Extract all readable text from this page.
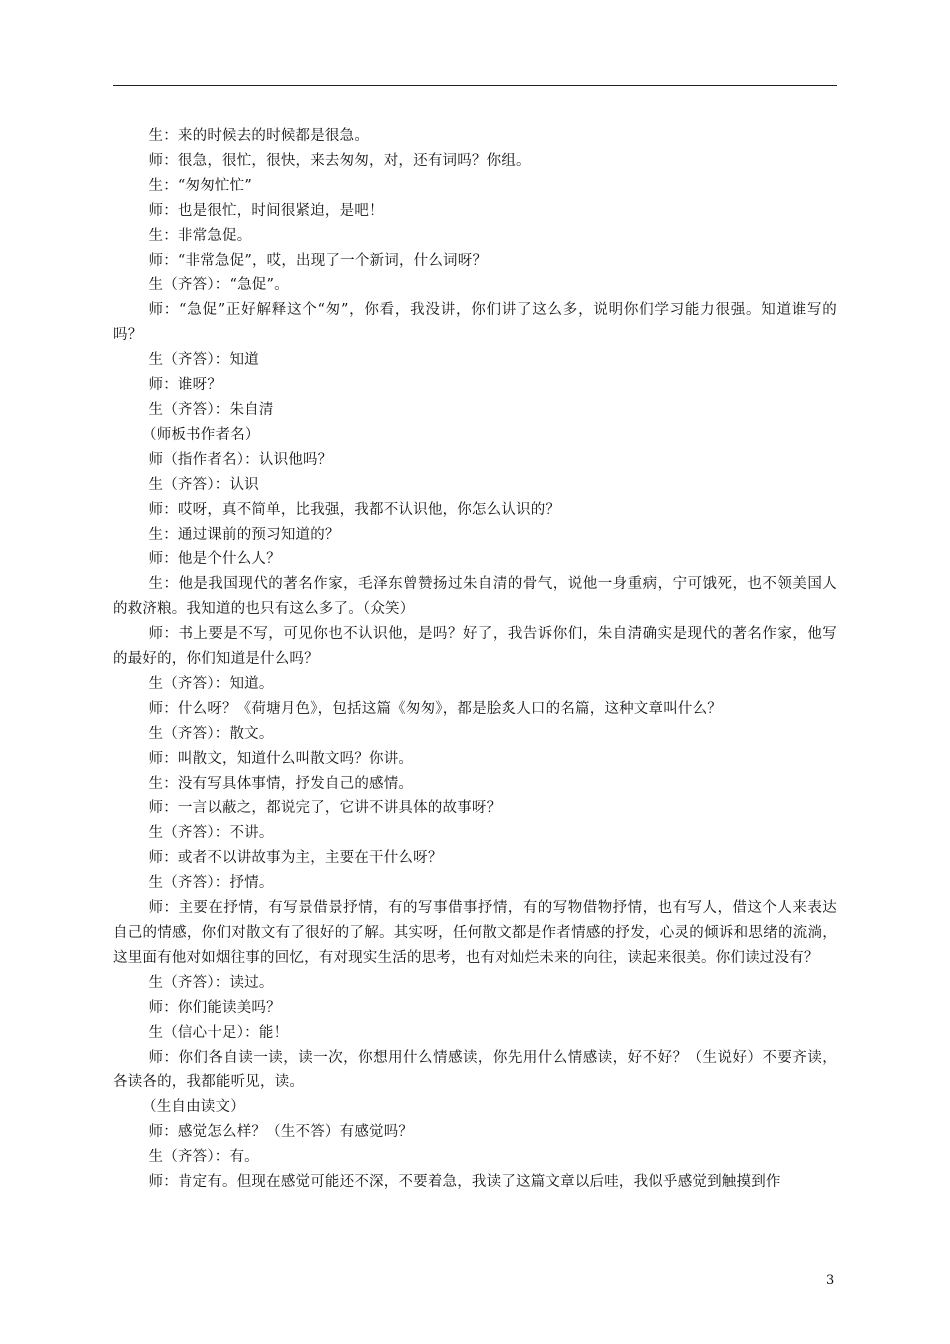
生：来的时候去的时候都是很急。

师：很急，很忙，很快，来去匆匆，对，还有词吗？你组。

生：“匆匆忙忙”

师：也是很忙，时间很紧迫，是吧！

生：非常急促。

师：“非常急促”，哎，出现了一个新词，什么词呀？

生（齐答）：“急促”。

师：“急促”正好解释这个“匆”，你看，我没讲，你们讲了这么多，说明你们学习能力很强。知道谁写的吗？

生（齐答）：知道

师：谁呀？

生（齐答）：朱自清

（师板书作者名）

师（指作者名）：认识他吗？

生（齐答）：认识

师：哎呀，真不简单，比我强，我都不认识他，你怎么认识的？

生：通过课前的预习知道的？

师：他是个什么人？

生：他是我国现代的著名作家，毛泽东曾赞扬过朱自清的骨气，说他一身重病，宁可饿死，也不领美国人的救济粮。我知道的也只有这么多了。（众笑）

师：书上要是不写，可见你也不认识他，是吗？好了，我告诉你们，朱自清确实是现代的著名作家，他写的最好的，你们知道是什么吗？

生（齐答）：知道。

师：什么呀？《荷塘月色》，包括这篇《匆匆》，都是脍炙人口的名篇，这种文章叫什么？

生（齐答）：散文。

师：叫散文，知道什么叫散文吗？你讲。

生：没有写具体事情，抒发自己的感情。

师：一言以蔽之，都说完了，它讲不讲具体的故事呀？

生（齐答）：不讲。

师：或者不以讲故事为主，主要在干什么呀？

生（齐答）：抒情。

师：主要在抒情，有写景借景抒情，有的写事借事抒情，有的写物借物抒情，也有写人，借这个人来表达自己的情感，你们对散文有了很好的了解。其实呀，任何散文都是作者情感的抒发，心灵的倾诉和思绪的流淌，这里面有他对如烟往事的回忆，有对现实生活的思考，也有对灿烂未来的向往，读起来很美。你们读过没有？

生（齐答）：读过。

师：你们能读美吗？

生（信心十足）：能！

师：你们各自读一读，读一次，你想用什么情感读，你先用什么情感读，好不好？（生说好）不要齐读，各读各的，我都能听见，读。

（生自由读文）

师：感觉怎么样？（生不答）有感觉吗？

生（齐答）：有。

师：肯定有。但现在感觉可能还不深，不要着急，我读了这篇文章以后哇，我似乎感觉到触摸到作

3
